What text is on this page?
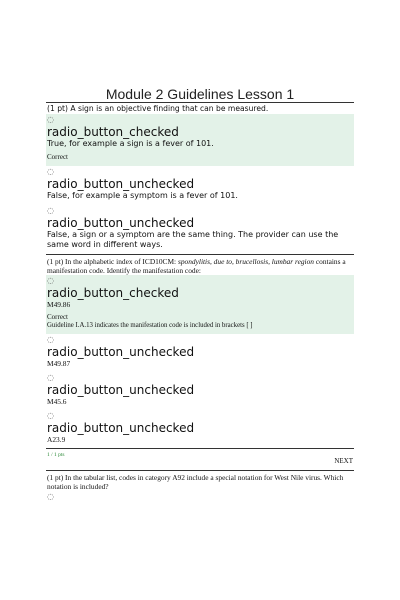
Module 2 Guidelines Lesson 1
(1 pt) A sign is an objective finding that can be measured.
◌
radio_button_checked
True, for example a sign is a fever of 101.
Correct
◌
radio_button_unchecked
False, for example a symptom is a fever of 101.
◌
radio_button_unchecked
False, a sign or a symptom are the same thing. The provider can use the same word in different ways.
(1 pt) In the alphabetic index of ICD10CM: spondylitis, due to, brucellosis, lumbar region contains a manifestation code. Identify the manifestation code:
◌
radio_button_checked
M49.86
Correct
Guideline I.A.13 indicates the manifestation code is included in brackets [ ]
◌
radio_button_unchecked
M49.87
◌
radio_button_unchecked
M45.6
◌
radio_button_unchecked
A23.9
1 / 1 pts
NEXT
(1 pt) In the tabular list, codes in category A92 include a special notation for West Nile virus. Which notation is included?
◌
